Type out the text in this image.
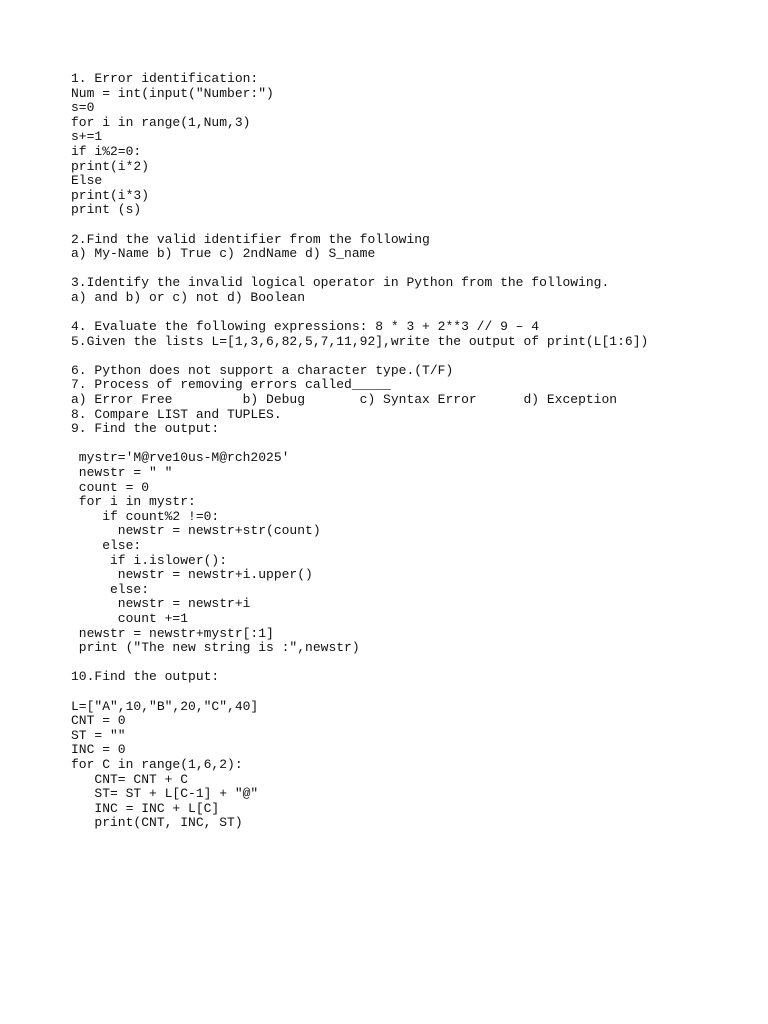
1. Error identification:
Num = int(input("Number:")
s=0
for i in range(1,Num,3)
s+=1
if i%2=0:
print(i*2)
Else
print(i*3)
print (s)
2.Find the valid identifier from the following
a) My-Name b) True c) 2ndName d) S_name
3.Identify the invalid logical operator in Python from the following.
a) and b) or c) not d) Boolean
4. Evaluate the following expressions: 8 * 3 + 2**3 // 9 – 4
5.Given the lists L=[1,3,6,82,5,7,11,92],write the output of print(L[1:6])
6. Python does not support a character type.(T/F)
7. Process of removing errors called_____
a) Error Free         b) Debug       c) Syntax Error      d) Exception
8. Compare LIST and TUPLES.
9. Find the output:
mystr='M@rve10us-M@rch2025'
newstr = " "
count = 0
for i in mystr:
if count%2 !=0:
newstr = newstr+str(count)
else:
if i.islower():
newstr = newstr+i.upper()
else:
newstr = newstr+i
count +=1
newstr = newstr+mystr[:1]
print ("The new string is :",newstr)
10.Find the output:
L=["A",10,"B",20,"C",40]
CNT = 0
ST = ""
INC = 0
for C in range(1,6,2):
CNT= CNT + C
ST= ST + L[C-1] + "@"
INC = INC + L[C]
print(CNT, INC, ST)
